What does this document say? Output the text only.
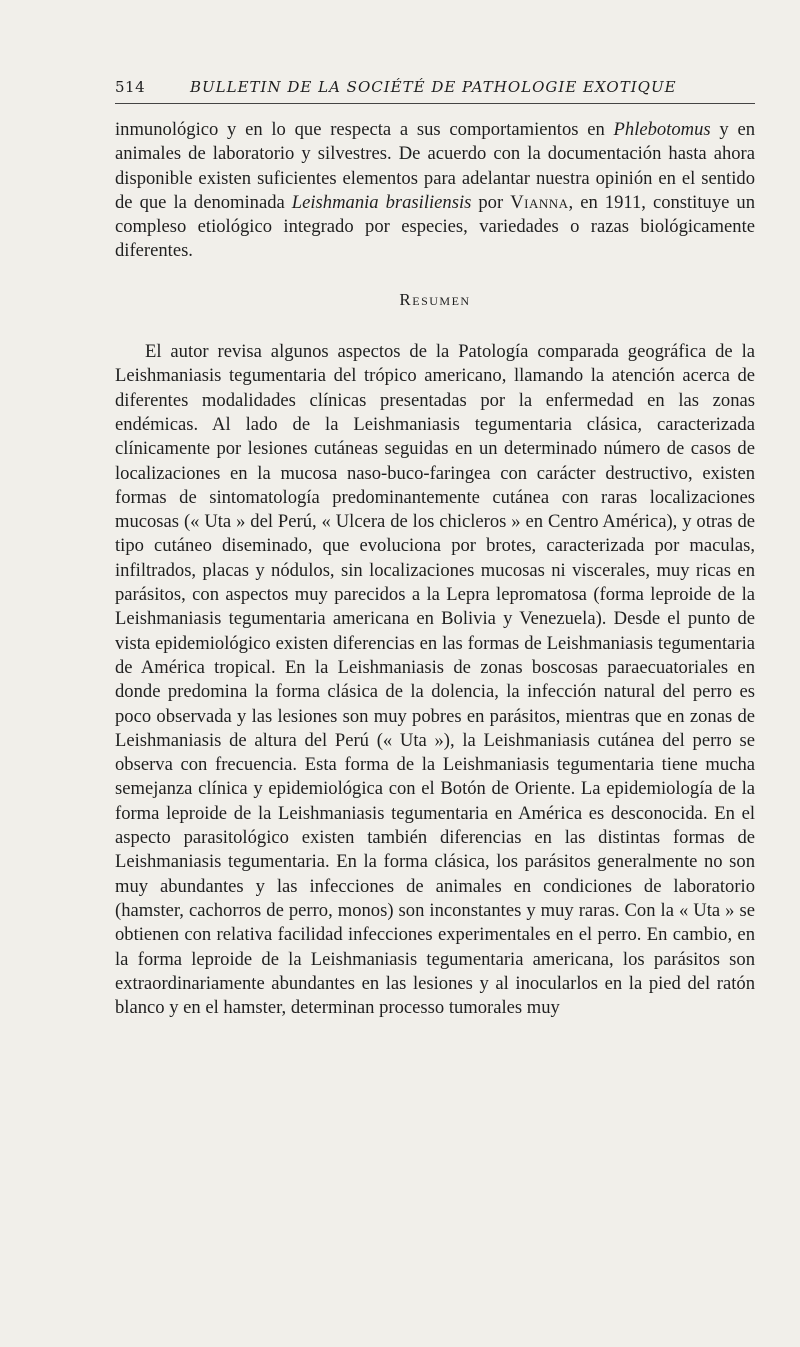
514	BULLETIN DE LA SOCIÉTÉ DE PATHOLOGIE EXOTIQUE

inmunológico y en lo que respecta a sus comportamientos en Phlebotomus y en animales de laboratorio y silvestres. De acuerdo con la documentación hasta ahora disponible existen suficientes elementos para adelantar nuestra opinión en el sentido de que la denominada Leishmania brasiliensis por Vianna, en 1911, constituye un compleso etiológico integrado por especies, variedades o razas biológicamente diferentes.

Resumen

El autor revisa algunos aspectos de la Patología comparada geográfica de la Leishmaniasis tegumentaria del trópico americano, llamando la atención acerca de diferentes modalidades clínicas presentadas por la enfermedad en las zonas endémicas. Al lado de la Leishmaniasis tegumentaria clásica, caracterizada clínicamente por lesiones cutáneas seguidas en un determinado número de casos de localizaciones en la mucosa naso-buco-faringea con carácter destructivo, existen formas de sintomatología predominantemente cutánea con raras localizaciones mucosas (« Uta » del Perú, « Ulcera de los chicleros » en Centro América), y otras de tipo cutáneo diseminado, que evoluciona por brotes, caracterizada por maculas, infiltrados, placas y nódulos, sin localizaciones mucosas ni viscerales, muy ricas en parásitos, con aspectos muy parecidos a la Lepra lepromatosa (forma leproide de la Leishmaniasis tegumentaria americana en Bolivia y Venezuela). Desde el punto de vista epidemiológico existen diferencias en las formas de Leishmaniasis tegumentaria de América tropical. En la Leishmaniasis de zonas boscosas paraecuatoriales en donde predomina la forma clásica de la dolencia, la infección natural del perro es poco observada y las lesiones son muy pobres en parásitos, mientras que en zonas de Leishmaniasis de altura del Perú (« Uta »), la Leishmaniasis cutánea del perro se observa con frecuencia. Esta forma de la Leishmaniasis tegumentaria tiene mucha semejanza clínica y epidemiológica con el Botón de Oriente. La epidemiología de la forma leproide de la Leishmaniasis tegumentaria en América es desconocida. En el aspecto parasitológico existen también diferencias en las distintas formas de Leishmaniasis tegumentaria. En la forma clásica, los parásitos generalmente no son muy abundantes y las infecciones de animales en condiciones de laboratorio (hamster, cachorros de perro, monos) son inconstantes y muy raras. Con la « Uta » se obtienen con relativa facilidad infecciones experimentales en el perro. En cambio, en la forma leproide de la Leishmaniasis tegumentaria americana, los parásitos son extraordinariamente abundantes en las lesiones y al inocularlos en la pied del ratón blanco y en el hamster, determinan processo tumorales muy
